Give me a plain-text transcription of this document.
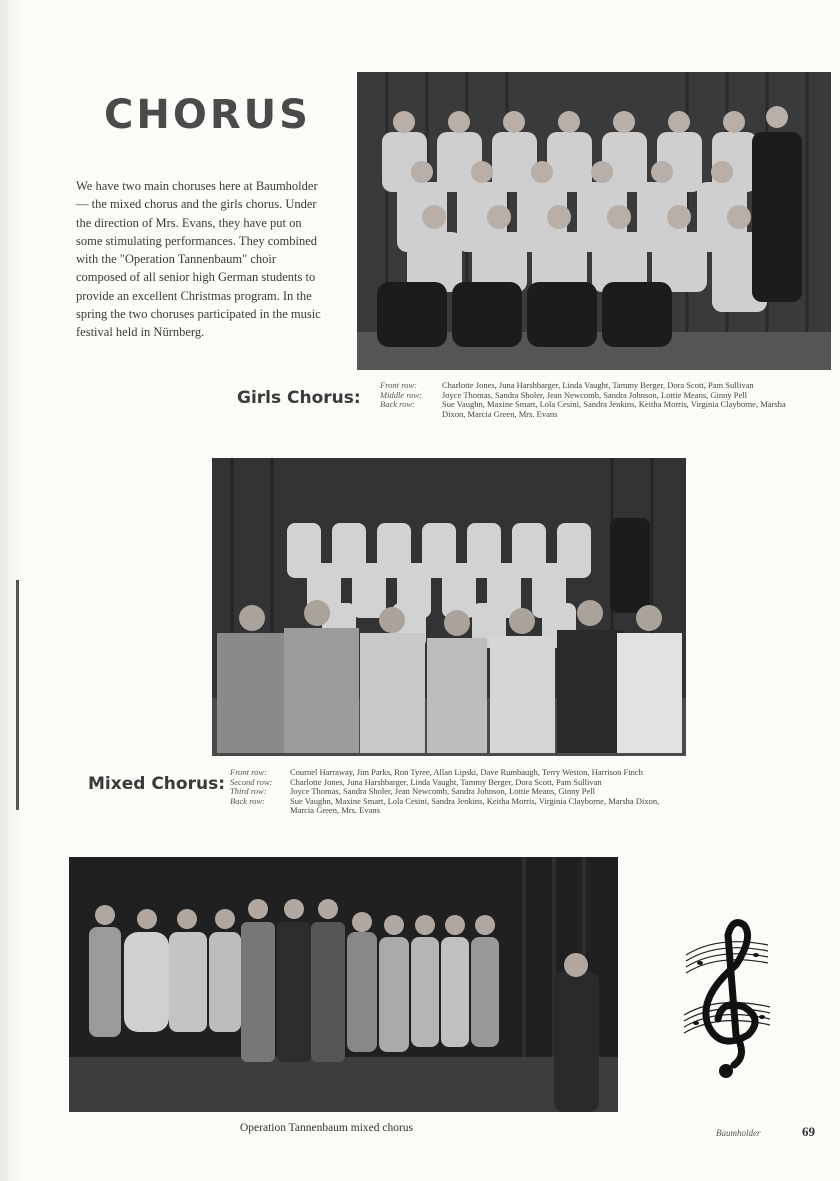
CHORUS

We have two main choruses here at Baumholder — the mixed chorus and the girls chorus. Under the direction of Mrs. Evans, they have put on some stimulating performances. They combined with the "Operation Tannenbaum" choir composed of all senior high German students to provide an excellent Christmas program. In the spring the two choruses participated in the music festival held in Nürnberg.

Girls Chorus:
Front row:	Charlotte Jones, Juna Harshbarger, Linda Vaught, Tammy Berger, Dora Scott, Pam Sullivan
Middle row:	Joyce Thomas, Sandra Sholer, Jean Newcomb, Sandra Johnson, Lottie Means, Ginny Pell
Back row:	Sue Vaughn, Maxine Smart, Lola Cesini, Sandra Jenkins, Keitha Morris, Virginia Clayborne, Marsha Dixon, Marcia Green, Mrs. Evans
Mixed Chorus:
Front row:	Cournel Harraway, Jim Parks, Ron Tyree, Allan Lipski, Dave Rumbaugh, Terry Weston, Harrison Finch
Second row:	Charlotte Jones, Juna Harshbarger, Linda Vaught, Tammy Berger, Dora Scott, Pam Sullivan
Third row:	Joyce Thomas, Sandra Sholer, Jean Newcomb, Sandra Johnson, Lottie Means, Ginny Pell
Back row:	Sue Vaughn, Maxine Smart, Lola Cesini, Sandra Jenkins, Keitha Morris, Virginia Clayborne, Marsha Dixon, Marcia Green, Mrs. Evans
Operation Tannenbaum mixed chorus	Baumholder	69
